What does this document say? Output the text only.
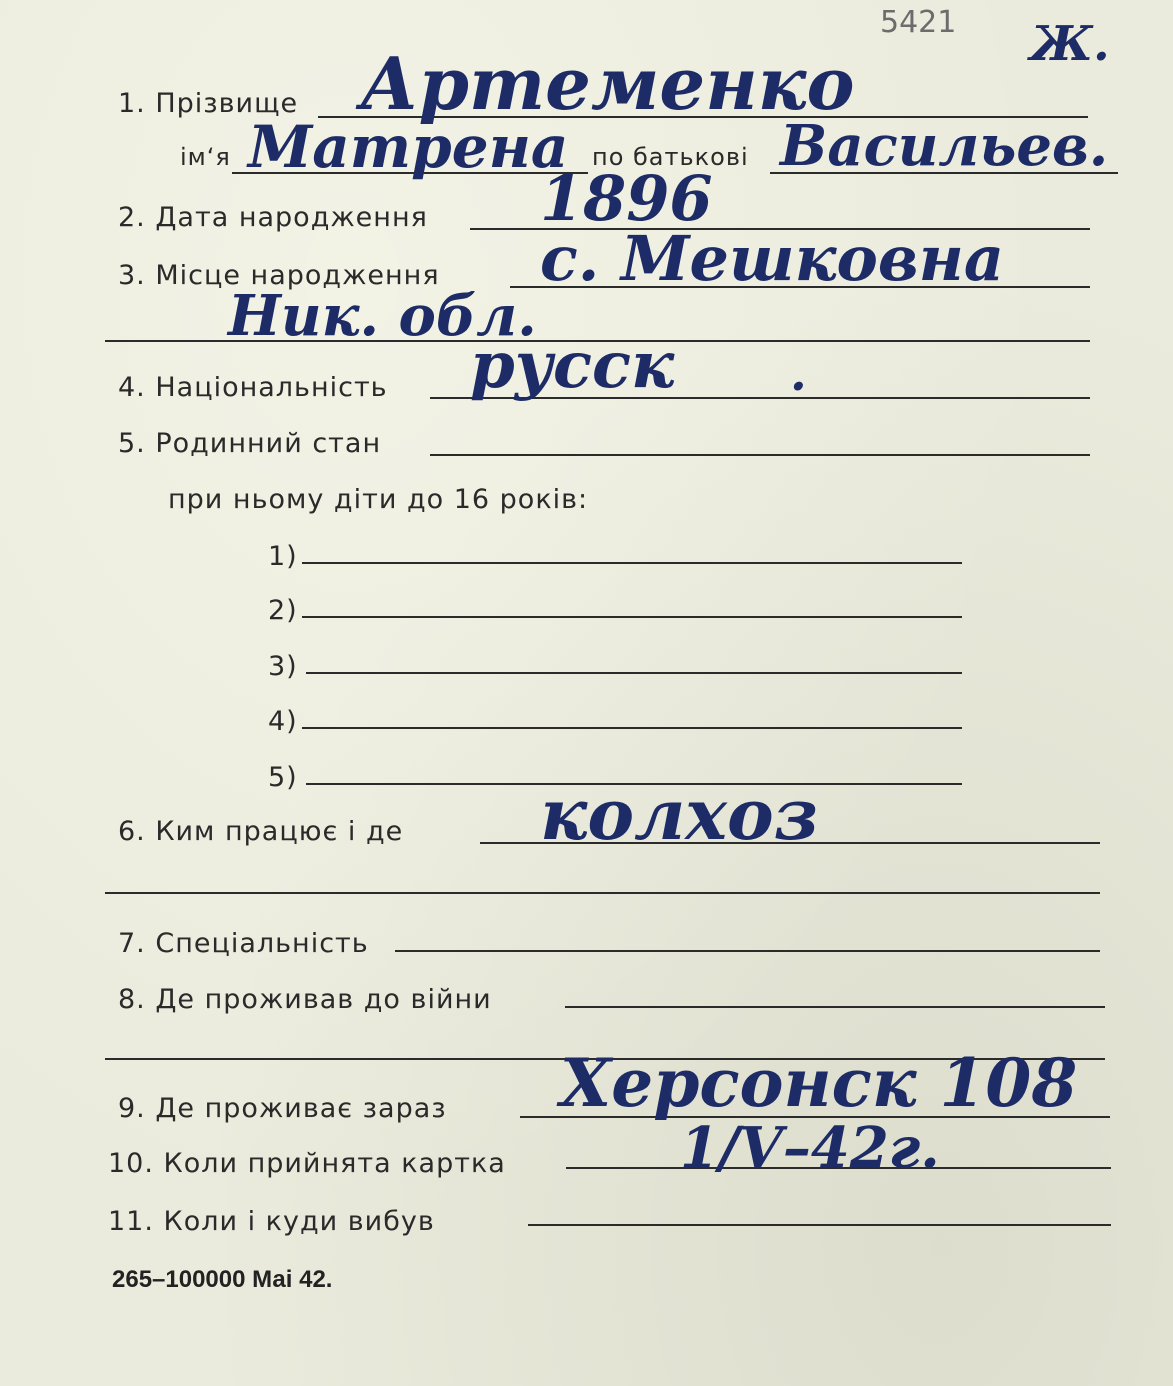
5421
1. Прізвище Артеменко	Ж.
ім‘я	по батькові
Матрена	Васильев.
2. Дата народження 1896
3. Місце народження с. Мешковна
Ник. обл.
4. Національність русск .
5. Родинний стан
при ньому діти до 16 років:
1)
2)
3)
4)
5)
6. Ким працює і де колхоз
7. Спеціальність
8. Де проживав до війни
9. Де проживає зараз Херсонск 108
10. Коли прийнята картка	1/V–42г.
11. Коли і куди вибув
265–100000 Маі 42.
